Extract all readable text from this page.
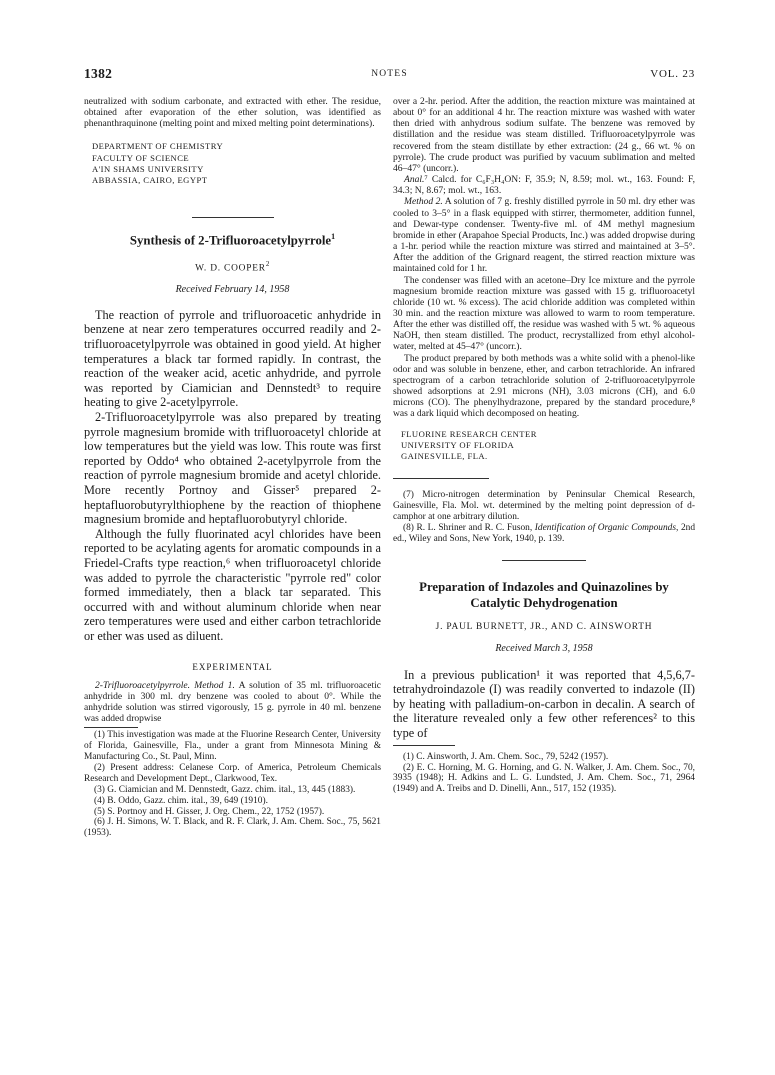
1382	NOTES	VOL. 23

neutralized with sodium carbonate, and extracted with ether. The residue, obtained after evaporation of the ether solution, was identified as phenanthraquinone (melting point and mixed melting point determinations).

DEPARTMENT OF CHEMISTRY
FACULTY OF SCIENCE
A'IN SHAMS UNIVERSITY
ABBASSIA, CAIRO, EGYPT

Synthesis of 2-Trifluoroacetylpyrrole$^1$

W. D. COOPER$^2$

Received February 14, 1958

The reaction of pyrrole and trifluoroacetic anhydride in benzene at near zero temperatures occurred readily and 2-trifluoroacetylpyrrole was obtained in good yield. At higher temperatures a black tar formed rapidly. In contrast, the reaction of the weaker acid, acetic anhydride, and pyrrole was reported by Ciamician and Dennstedt³ to require heating to give 2-acetylpyrrole.

2-Trifluoroacetylpyrrole was also prepared by treating pyrrole magnesium bromide with trifluoroacetyl chloride at low temperatures but the yield was low. This route was first reported by Oddo⁴ who obtained 2-acetylpyrrole from the reaction of pyrrole magnesium bromide and acetyl chloride. More recently Portnoy and Gisser⁵ prepared 2-heptafluorobutyrylthiophene by the reaction of thiophene magnesium bromide and heptafluorobutyryl chloride.

Although the fully fluorinated acyl chlorides have been reported to be acylating agents for aromatic compounds in a Friedel-Crafts type reaction,⁶ when trifluoroacetyl chloride was added to pyrrole the characteristic "pyrrole red" color formed immediately, then a black tar separated. This occurred with and without aluminum chloride when near zero temperatures were used and either carbon tetrachloride or ether was used as diluent.

EXPERIMENTAL

2-Trifluoroacetylpyrrole. Method 1. A solution of 35 ml. trifluoroacetic anhydride in 300 ml. dry benzene was cooled to about 0°. While the anhydride solution was stirred vigorously, 15 g. pyrrole in 40 ml. benzene was added dropwise

(1) This investigation was made at the Fluorine Research Center, University of Florida, Gainesville, Fla., under a grant from Minnesota Mining & Manufacturing Co., St. Paul, Minn.

(2) Present address: Celanese Corp. of America, Petroleum Chemicals Research and Development Dept., Clarkwood, Tex.

(3) G. Ciamician and M. Dennstedt, Gazz. chim. ital., 13, 445 (1883).

(4) B. Oddo, Gazz. chim. ital., 39, 649 (1910).

(5) S. Portnoy and H. Gisser, J. Org. Chem., 22, 1752 (1957).

(6) J. H. Simons, W. T. Black, and R. F. Clark, J. Am. Chem. Soc., 75, 5621 (1953).

over a 2-hr. period. After the addition, the reaction mixture was maintained at about 0° for an additional 4 hr. The reaction mixture was washed with water then dried with anhydrous sodium sulfate. The benzene was removed by distillation and the residue was steam distilled. Trifluoroacetylpyrrole was recovered from the steam distillate by ether extraction: (24 g., 66 wt. % on pyrrole). The crude product was purified by vacuum sublimation and melted 46–47° (uncorr.).

Anal.⁷ Calcd. for C₆F₃H₄ON: F, 35.9; N, 8.59; mol. wt., 163. Found: F, 34.3; N, 8.67; mol. wt., 163.

Method 2. A solution of 7 g. freshly distilled pyrrole in 50 ml. dry ether was cooled to 3–5° in a flask equipped with stirrer, thermometer, addition funnel, and Dewar-type condenser. Twenty-five ml. of 4M methyl magnesium bromide in ether (Arapahoe Special Products, Inc.) was added dropwise during a 1-hr. period while the reaction mixture was stirred and maintained at 3–5°. After the addition of the Grignard reagent, the stirred reaction mixture was maintained cold for 1 hr.

The condenser was filled with an acetone–Dry Ice mixture and the pyrrole magnesium bromide reaction mixture was gassed with 15 g. trifluoroacetyl chloride (10 wt. % excess). The acid chloride addition was completed within 30 min. and the reaction mixture was allowed to warm to room temperature. After the ether was distilled off, the residue was washed with 5 wt. % aqueous NaOH, then steam distilled. The product, recrystallized from ethyl alcohol-water, melted at 45–47° (uncorr.).

The product prepared by both methods was a white solid with a phenol-like odor and was soluble in benzene, ether, and carbon tetrachloride. An infrared spectrogram of a carbon tetrachloride solution of 2-trifluoroacetylpyrrole showed adsorptions at 2.91 microns (NH), 3.03 microns (CH), and 6.0 microns (CO). The phenylhydrazone, prepared by the standard procedure,⁸ was a dark liquid which decomposed on heating.

FLUORINE RESEARCH CENTER
UNIVERSITY OF FLORIDA
GAINESVILLE, FLA.

(7) Micro-nitrogen determination by Peninsular Chemical Research, Gainesville, Fla. Mol. wt. determined by the melting point depression of d-camphor at one arbitrary dilution.

(8) R. L. Shriner and R. C. Fuson, Identification of Organic Compounds, 2nd ed., Wiley and Sons, New York, 1940, p. 139.

Preparation of Indazoles and Quinazolines by Catalytic Dehydrogenation

J. PAUL BURNETT, JR., AND C. AINSWORTH

Received March 3, 1958

In a previous publication¹ it was reported that 4,5,6,7-tetrahydroindazole (I) was readily converted to indazole (II) by heating with palladium-on-carbon in decalin. A search of the literature revealed only a few other references² to this type of

(1) C. Ainsworth, J. Am. Chem. Soc., 79, 5242 (1957).

(2) E. C. Horning, M. G. Horning, and G. N. Walker, J. Am. Chem. Soc., 70, 3935 (1948); H. Adkins and L. G. Lundsted, J. Am. Chem. Soc., 71, 2964 (1949) and A. Treibs and D. Dinelli, Ann., 517, 152 (1935).
